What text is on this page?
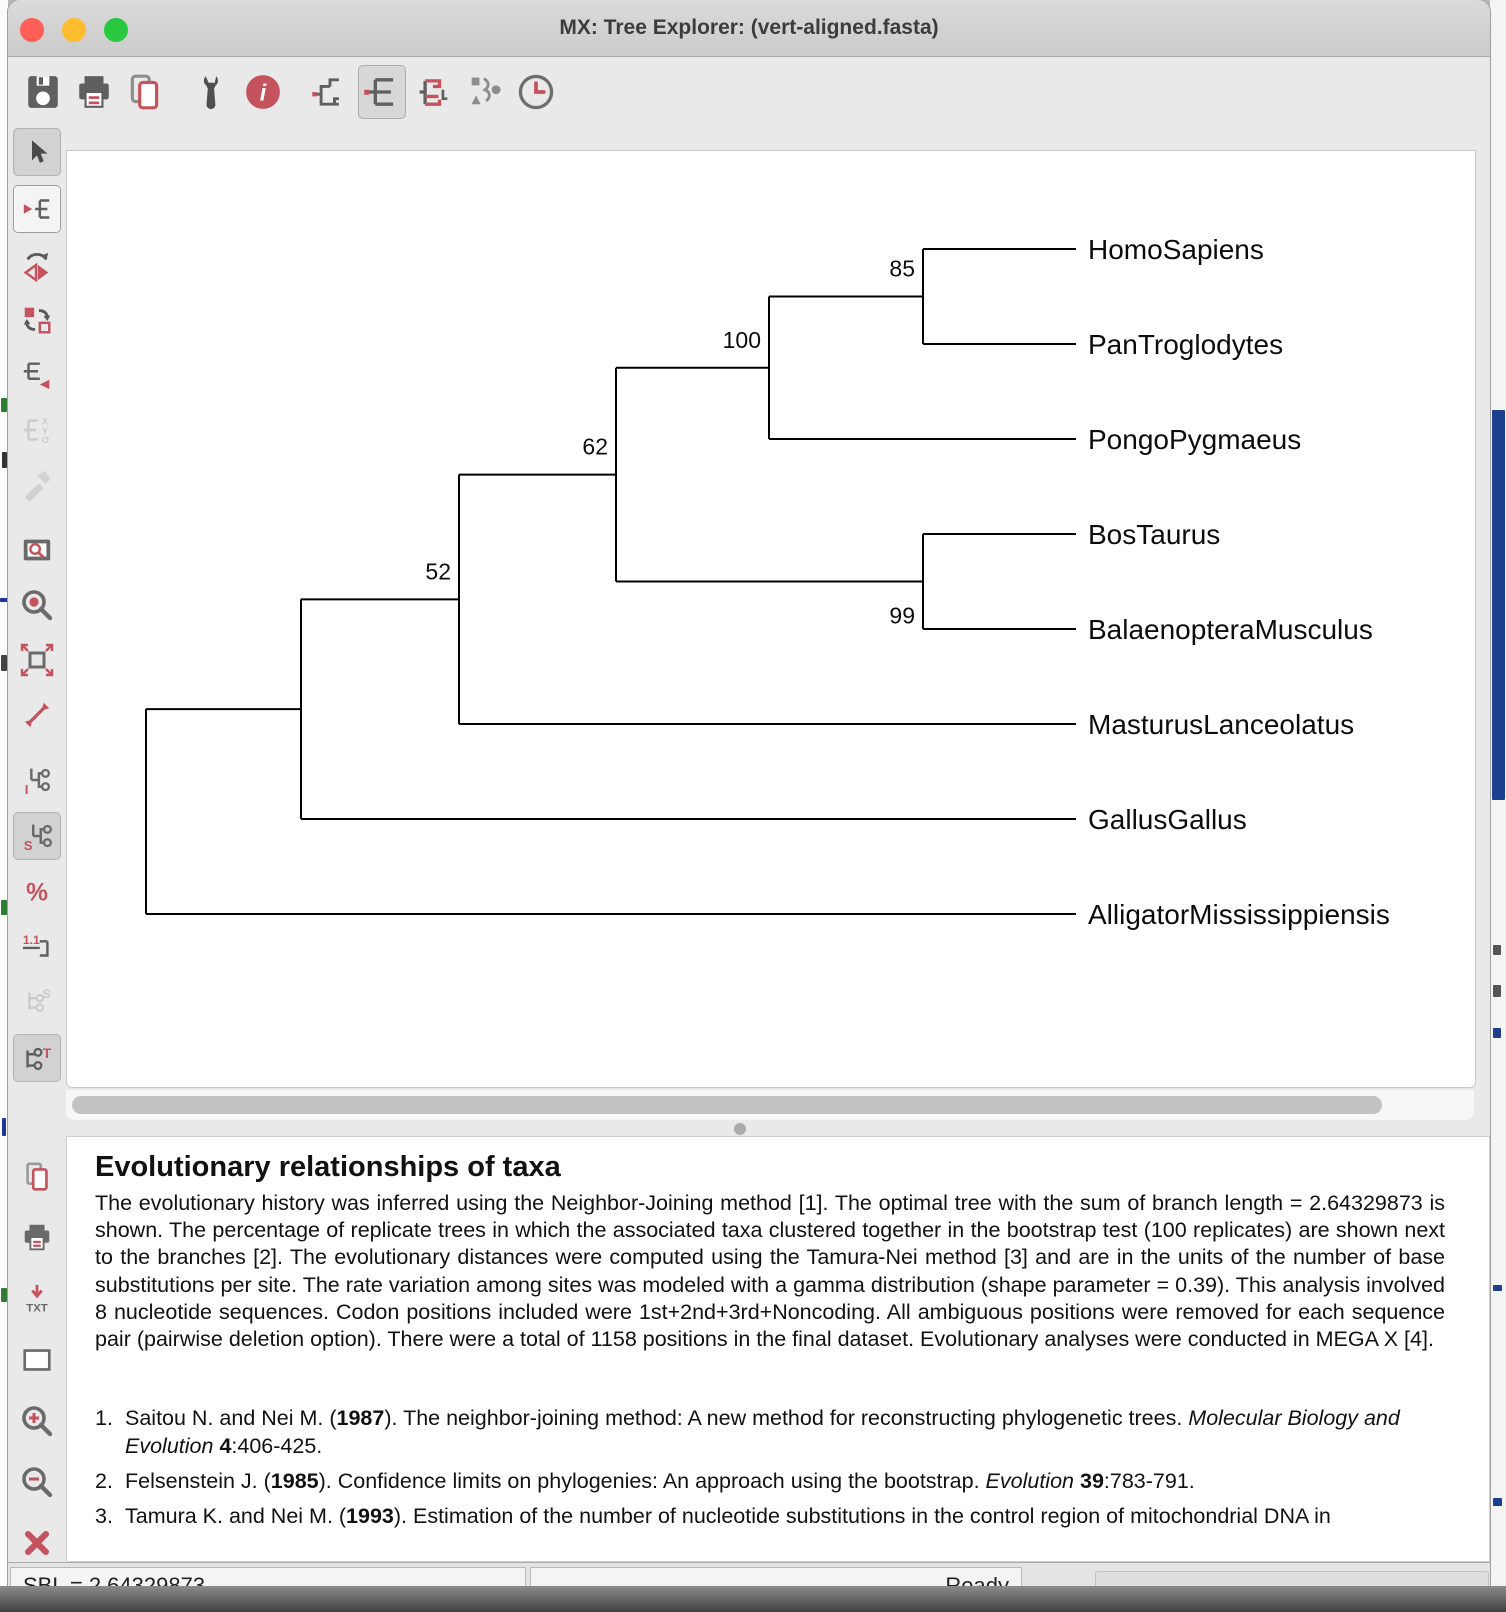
MX: Tree Explorer: (vert-aligned.fasta)
i
X
Y
O
I
S
%
1.1
S
T
HomoSapiens
PanTroglodytes
85
PongoPygmaeus
100
BosTaurus
BalaenopteraMusculus
99
62
MasturusLanceolatus
52
GallusGallus
AlligatorMississippiensis
TXT
Evolutionary relationships of taxa

The evolutionary history was inferred using the Neighbor-Joining method [1]. The optimal tree with the sum of branch length = 2.64329873 is shown. The percentage of replicate trees in which the associated taxa clustered together in the bootstrap test (100 replicates) are shown next to the branches [2]. The evolutionary distances were computed using the Tamura-Nei method [3] and are in the units of the number of base substitutions per site. The rate variation among sites was modeled with a gamma distribution (shape parameter = 0.39). This analysis involved 8 nucleotide sequences. Codon positions included were 1st+2nd+3rd+Noncoding. All ambiguous positions were removed for each sequence pair (pairwise deletion option). There were a total of 1158 positions in the final dataset. Evolutionary analyses were conducted in MEGA X [4].

1. Saitou N. and Nei M. (1987). The neighbor-joining method: A new method for reconstructing phylogenetic trees. Molecular Biology and Evolution 4:406-425.
2. Felsenstein J. (1985). Confidence limits on phylogenies: An approach using the bootstrap. Evolution 39:783-791.
3. Tamura K. and Nei M. (1993). Estimation of the number of nucleotide substitutions in the control region of mitochondrial DNA in
